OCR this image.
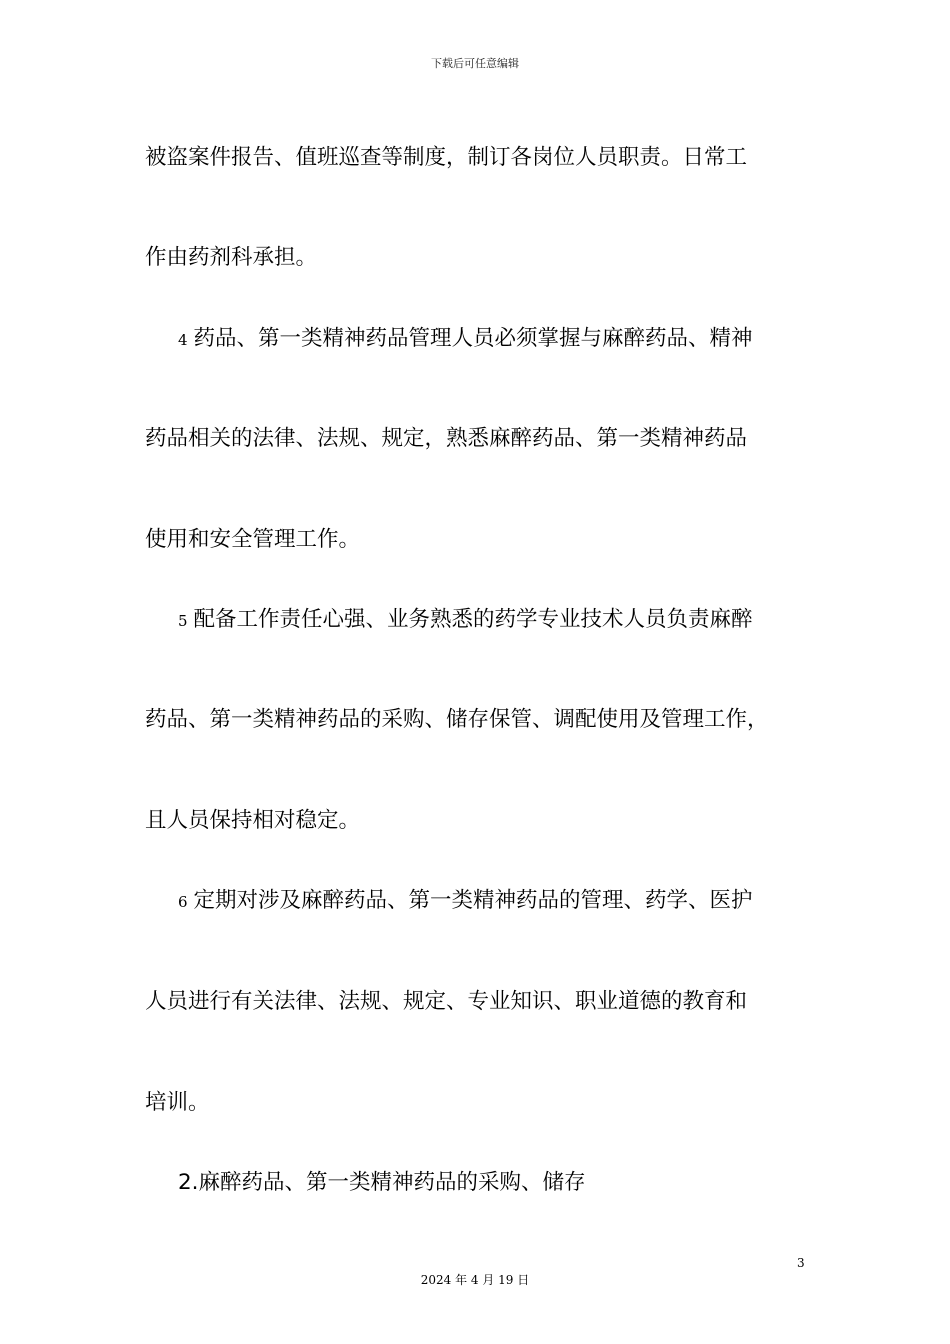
下载后可任意编辑
被盗案件报告、值班巡查等制度，制订各岗位人员职责。日常工
作由药剂科承担。
4 药品、第一类精神药品管理人员必须掌握与麻醉药品、精神
药品相关的法律、法规、规定，熟悉麻醉药品、第一类精神药品
使用和安全管理工作。
5 配备工作责任心强、业务熟悉的药学专业技术人员负责麻醉
药品、第一类精神药品的采购、储存保管、调配使用及管理工作，
且人员保持相对稳定。
6 定期对涉及麻醉药品、第一类精神药品的管理、药学、医护
人员进行有关法律、法规、规定、专业知识、职业道德的教育和
培训。
2.麻醉药品、第一类精神药品的采购、储存
3
2024 年 4 月 19 日
